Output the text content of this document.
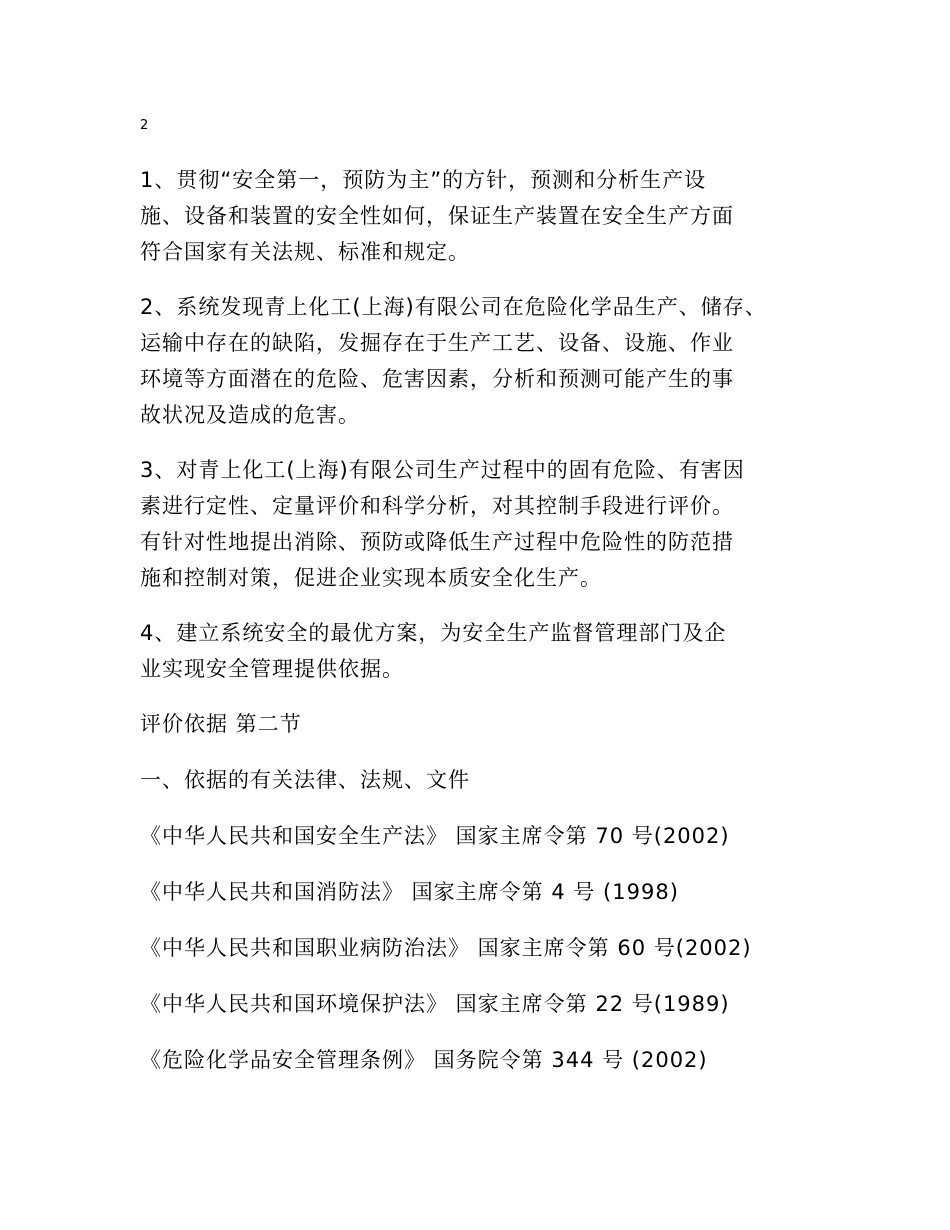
2
1、贯彻“安全第一，预防为主”的方针，预测和分析生产设
施、设备和装置的安全性如何，保证生产装置在安全生产方面
符合国家有关法规、标准和规定。
2、系统发现青上化工(上海)有限公司在危险化学品生产、储存、
运输中存在的缺陷，发掘存在于生产工艺、设备、设施、作业
环境等方面潜在的危险、危害因素，分析和预测可能产生的事
故状况及造成的危害。
3、对青上化工(上海)有限公司生产过程中的固有危险、有害因
素进行定性、定量评价和科学分析，对其控制手段进行评价。
有针对性地提出消除、预防或降低生产过程中危险性的防范措
施和控制对策，促进企业实现本质安全化生产。
4、建立系统安全的最优方案，为安全生产监督管理部门及企
业实现安全管理提供依据。
评价依据 第二节
一、依据的有关法律、法规、文件
《中华人民共和国安全生产法》 国家主席令第 70 号(2002)
《中华人民共和国消防法》 国家主席令第 4 号 (1998)
《中华人民共和国职业病防治法》 国家主席令第 60 号(2002)
《中华人民共和国环境保护法》 国家主席令第 22 号(1989)
《危险化学品安全管理条例》 国务院令第 344 号 (2002)
